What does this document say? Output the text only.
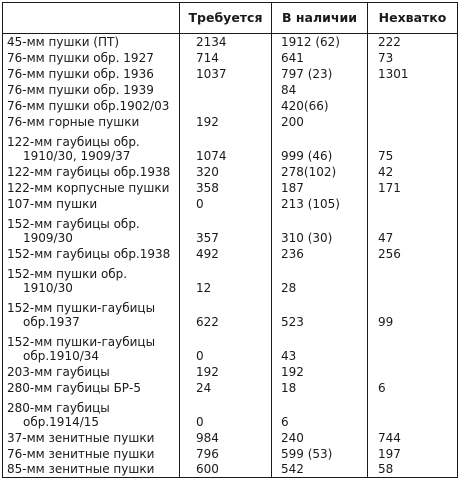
	Требуется	В наличии	Нехватко
45-мм пушки (ПТ)	2134	1912 (62)	222
76-мм пушки обр. 1927	714	641	73
76-мм пушки обр. 1936	1037	797 (23)	1301
76-мм пушки обр. 1939		84	
76-мм пушки обр.1902/03		420(66)	
76-мм горные пушки	192	200	
122-мм гаубицы обр.
1910/30, 1909/37	1074	999 (46)	75
122-мм гаубицы обр.1938	320	278(102)	42
122-мм корпусные пушки	358	187	171
107-мм пушки	0	213 (105)	
152-мм гаубицы обр.
1909/30	357	310 (30)	47
152-мм гаубицы обр.1938	492	236	256
152-мм пушки обр.
1910/30	12	28	
152-мм пушки-гаубицы
обр.1937	622	523	99
152-мм пушки-гаубицы
обр.1910/34	0	43	
203-мм гаубицы	192	192	
280-мм гаубицы БР-5	24	18	6
280-мм гаубицы
обр.1914/15	0	6	
37-мм зенитные пушки	984	240	744
76-мм зенитные пушки	796	599 (53)	197
85-мм зенитные пушки	600	542	58
